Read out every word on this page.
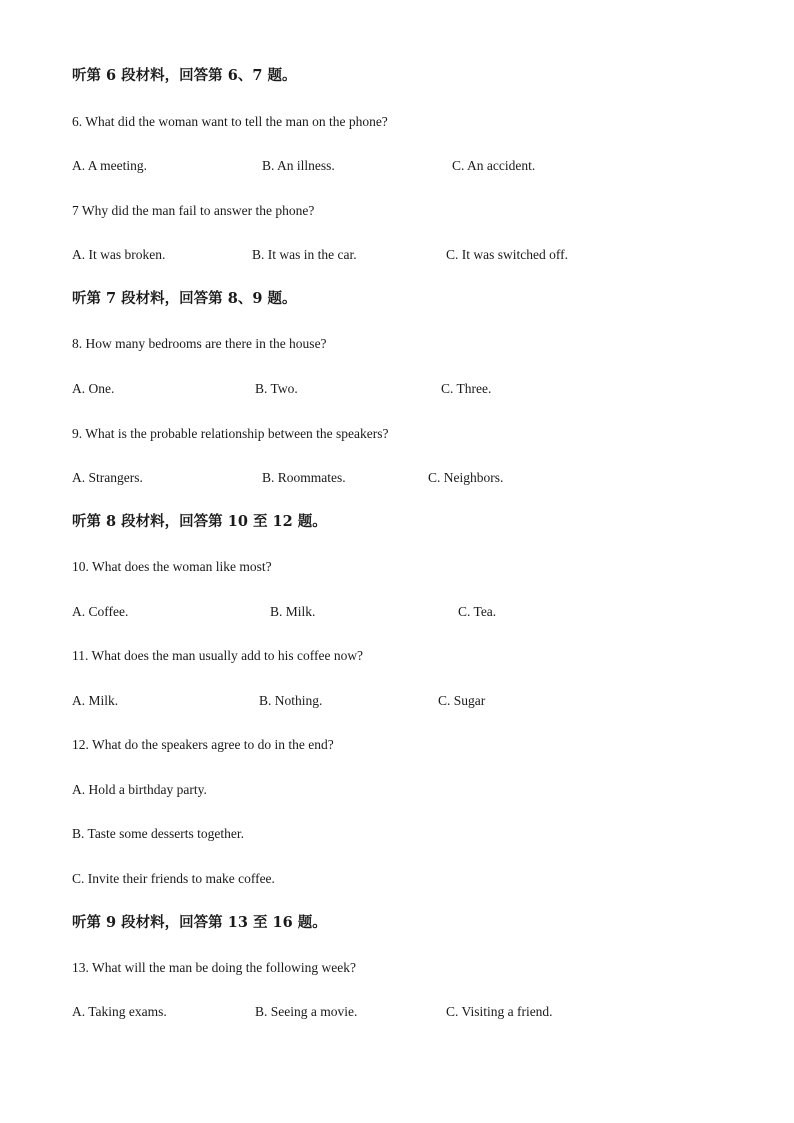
听第 6 段材料，回答第 6、7 题。
6. What did the woman want to tell the man on the phone?
A. A meeting.	B. An illness.	C. An accident.
7 Why did the man fail to answer the phone?
A. It was broken.	B. It was in the car.	C. It was switched off.
听第 7 段材料，回答第 8、9 题。
8. How many bedrooms are there in the house?
A. One.	B. Two.	C. Three.
9. What is the probable relationship between the speakers?
A. Strangers.	B. Roommates.	C. Neighbors.
听第 8 段材料，回答第 10 至 12 题。
10. What does the woman like most?
A. Coffee.	B. Milk.	C. Tea.
11. What does the man usually add to his coffee now?
A. Milk.	B. Nothing.	C. Sugar
12. What do the speakers agree to do in the end?
A. Hold a birthday party.
B. Taste some desserts together.
C. Invite their friends to make coffee.
听第 9 段材料，回答第 13 至 16 题。
13. What will the man be doing the following week?
A. Taking exams.	B. Seeing a movie.	C. Visiting a friend.
